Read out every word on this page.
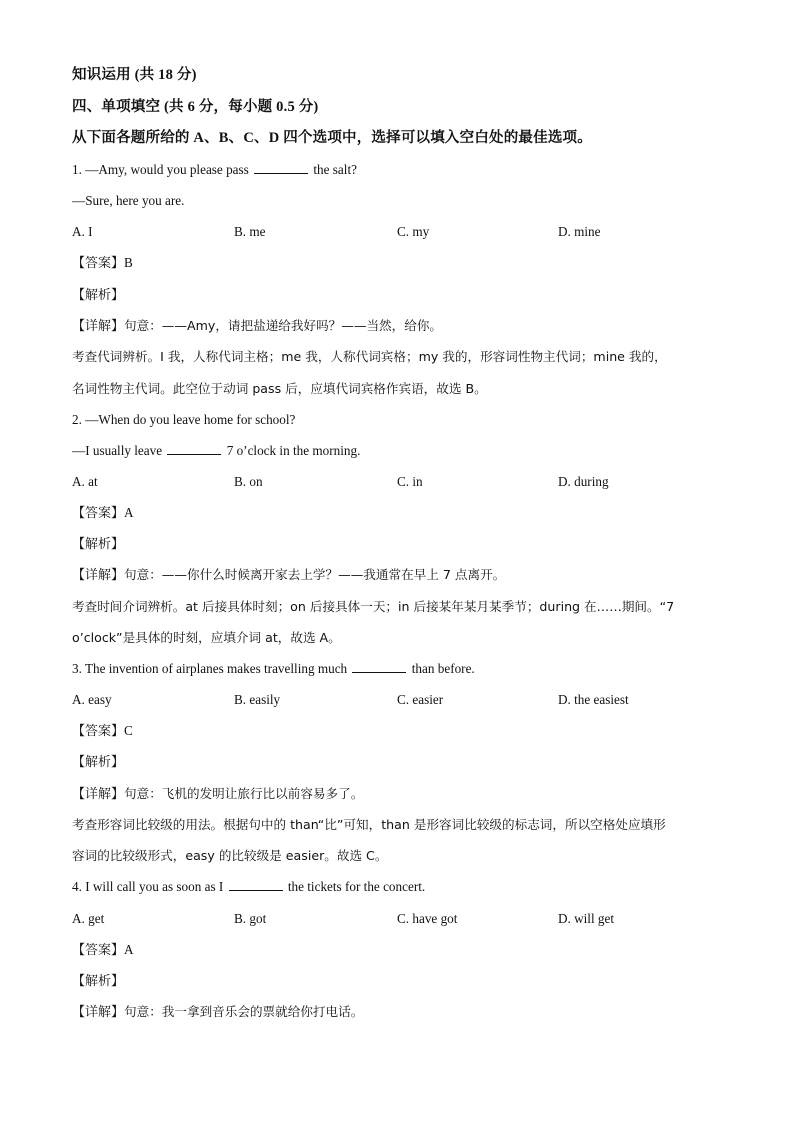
知识运用 (共 18 分)
四、单项填空 (共 6 分，每小题 0.5 分)
从下面各题所给的 A、B、C、D 四个选项中，选择可以填入空白处的最佳选项。
1. —Amy, would you please pass	the salt?
—Sure, here you are.
A. I	B. me	C. my	D. mine
【答案】B
【解析】
【详解】句意：——Amy，请把盐递给我好吗？——当然，给你。
考查代词辨析。I 我，人称代词主格；me 我，人称代词宾格；my 我的，形容词性物主代词；mine 我的，
名词性物主代词。此空位于动词 pass 后，应填代词宾格作宾语，故选 B。
2. —When do you leave home for school?
—I usually leave	7 o’clock in the morning.
A. at	B. on	C. in	D. during
【答案】A
【解析】
【详解】句意：——你什么时候离开家去上学？——我通常在早上 7 点离开。
考查时间介词辨析。at 后接具体时刻；on 后接具体一天；in 后接某年某月某季节；during 在……期间。“7
o’clock”是具体的时刻，应填介词 at，故选 A。
3. The invention of airplanes makes travelling much	than before.
A. easy	B. easily	C. easier	D. the easiest
【答案】C
【解析】
【详解】句意：飞机的发明让旅行比以前容易多了。
考查形容词比较级的用法。根据句中的 than“比”可知，than 是形容词比较级的标志词，所以空格处应填形
容词的比较级形式，easy 的比较级是 easier。故选 C。
4. I will call you as soon as I	the tickets for the concert.
A. get	B. got	C. have got	D. will get
【答案】A
【解析】
【详解】句意：我一拿到音乐会的票就给你打电话。
